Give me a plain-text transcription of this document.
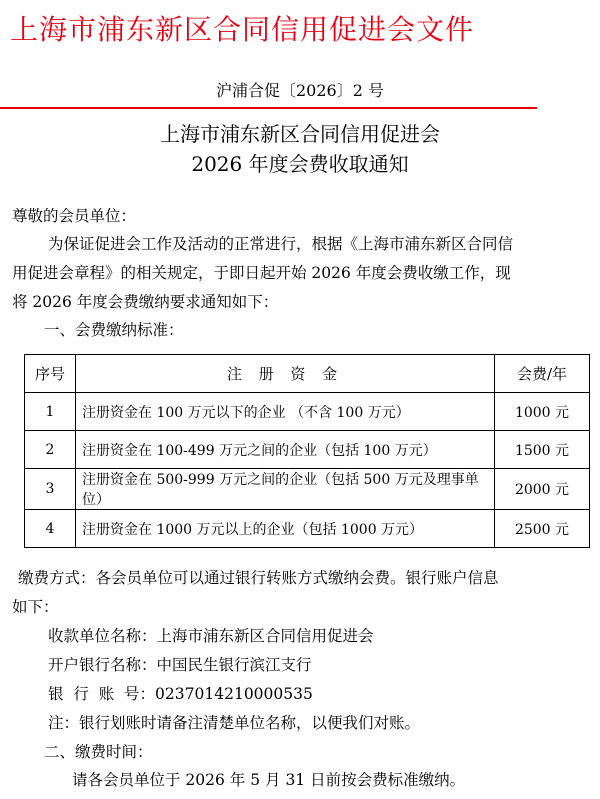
上海市浦东新区合同信用促进会文件
沪浦合促〔2026〕2 号
上海市浦东新区合同信用促进会
2026 年度会费收取通知
尊敬的会员单位：
为保证促进会工作及活动的正常进行，根据《上海市浦东新区合同信
用促进会章程》的相关规定，于即日起开始 2026 年度会费收缴工作，现
将 2026 年度会费缴纳要求通知如下：
一、会费缴纳标准：
序号	注 册 资 金	会费/年
1	注册资金在 100 万元以下的企业 （不含 100 万元）	1000 元
2	注册资金在 100-499 万元之间的企业（包括 100 万元）	1500 元
3	注册资金在 500-999 万元之间的企业（包括 500 万元及理事单位）	2000 元
4	注册资金在 1000 万元以上的企业（包括 1000 万元）	2500 元
缴费方式：各会员单位可以通过银行转账方式缴纳会费。银行账户信息
如下：
收款单位名称：上海市浦东新区合同信用促进会
开户银行名称：中国民生银行滨江支行
银  行  账  号：0237014210000535
注：银行划账时请备注清楚单位名称，以便我们对账。
二、缴费时间：
请各会员单位于 2026 年 5 月 31 日前按会费标准缴纳。
